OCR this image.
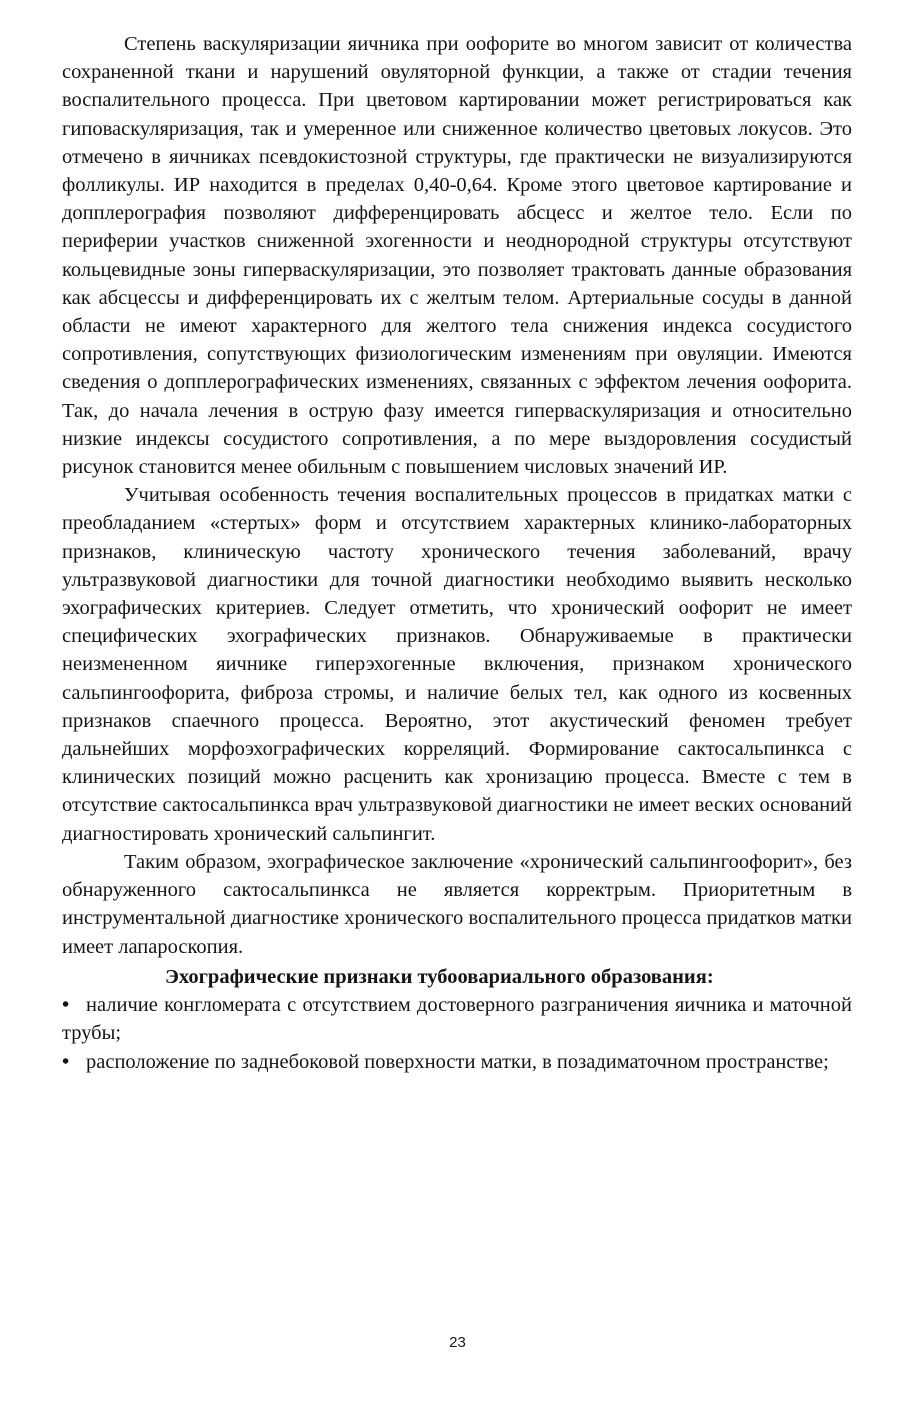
Степень васкуляризации яичника при оофорите во многом зависит от количества сохраненной ткани и нарушений овуляторной функции, а также от стадии течения воспалительного процесса. При цветовом картировании может регистрироваться как гиповаскуляризация, так и умеренное или сниженное количество цветовых локусов. Это отмечено в яичниках псевдокистозной структуры, где практически не визуализируются фолликулы. ИР находится в пределах 0,40-0,64. Кроме этого цветовое картирование и допплерография позволяют дифференцировать абсцесс и желтое тело. Если по периферии участков сниженной эхогенности и неоднородной структуры отсутствуют кольцевидные зоны гиперваскуляризации, это позволяет трактовать данные образования как абсцессы и дифференцировать их с желтым телом. Артериальные сосуды в данной области не имеют характерного для желтого тела снижения индекса сосудистого сопротивления, сопутствующих физиологическим изменениям при овуляции. Имеются сведения о допплерографических изменениях, связанных с эффектом лечения оофорита. Так, до начала лечения в острую фазу имеется гиперваскуляризация и относительно низкие индексы сосудистого сопротивления, а по мере выздоровления сосудистый рисунок становится менее обильным с повышением числовых значений ИР.

Учитывая особенность течения воспалительных процессов в придатках матки с преобладанием «стертых» форм и отсутствием характерных клинико-лабораторных признаков, клиническую частоту хронического течения заболеваний, врачу ультразвуковой диагностики для точной диагностики необходимо выявить несколько эхографических критериев. Следует отметить, что хронический оофорит не имеет специфических эхографических признаков. Обнаруживаемые в практически неизмененном яичнике гиперэхогенные включения, признаком хронического сальпингоофорита, фиброза стромы, и наличие белых тел, как одного из косвенных признаков спаечного процесса. Вероятно, этот акустический феномен требует дальнейших морфоэхографических корреляций. Формирование сактосальпинкса с клинических позиций можно расценить как хронизацию процесса. Вместе с тем в отсутствие сактосальпинкса врач ультразвуковой диагностики не имеет веских оснований диагностировать хронический сальпингит.

Таким образом, эхографическое заключение «хронический сальпингоофорит», без обнаруженного сактосальпинкса не является корректрым. Приоритетным в инструментальной диагностике хронического воспалительного процесса придатков матки имеет лапароскопия.

Эхографические признаки тубоовариального образования:

• наличие конгломерата с отсутствием достоверного разграничения яичника и маточной трубы;
• расположение по заднебоковой поверхности матки, в позадиматочном пространстве;
23
